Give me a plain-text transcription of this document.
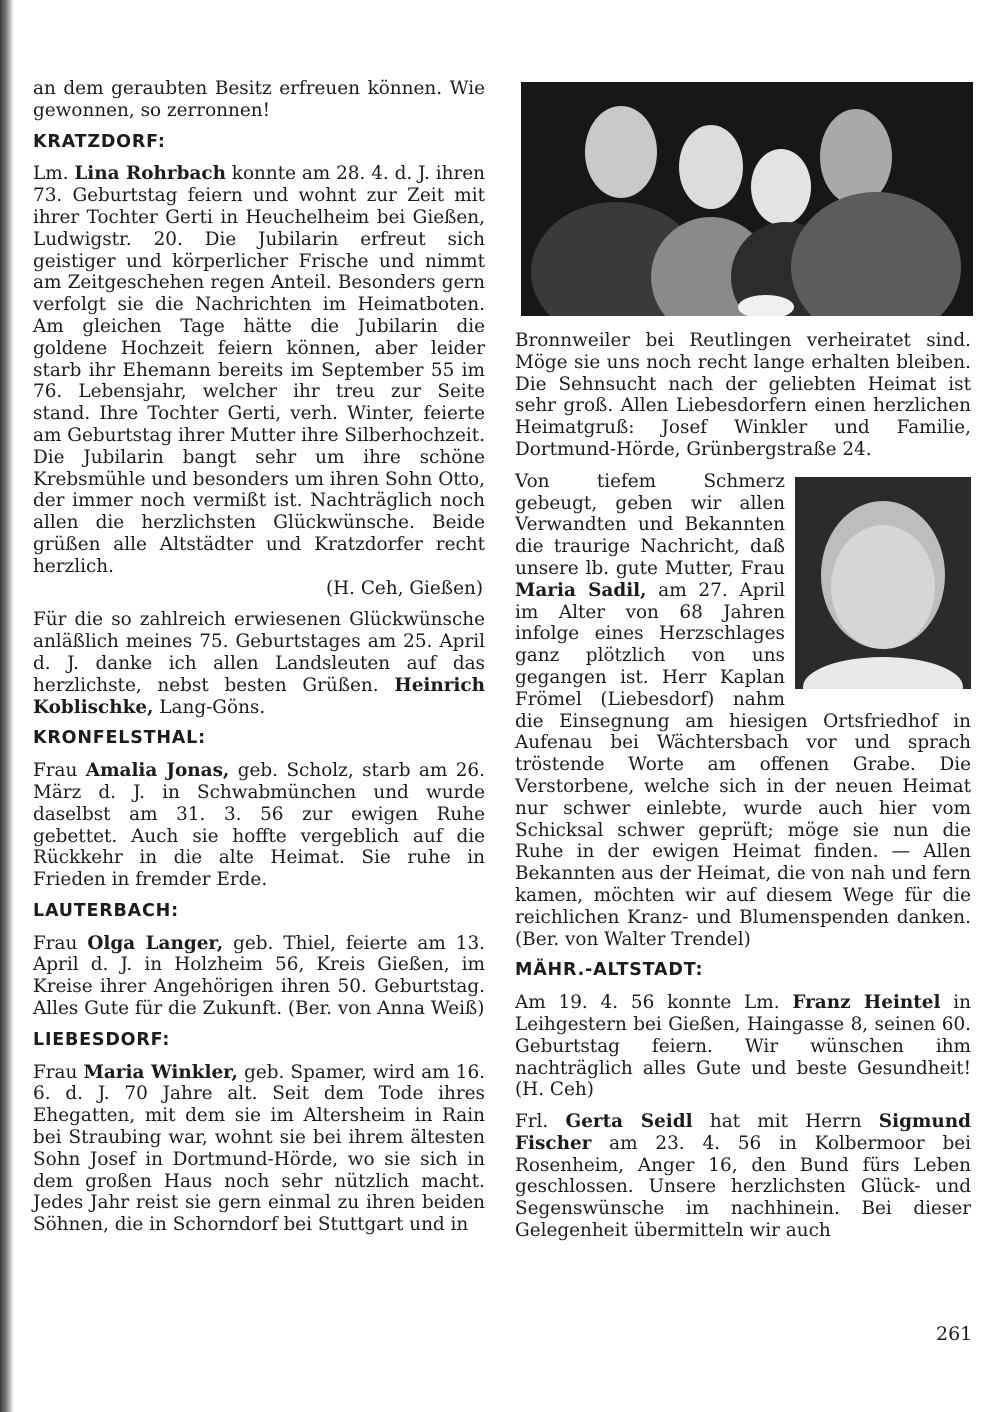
an dem geraubten Besitz erfreuen können. Wie gewonnen, so zerronnen!

KRATZDORF:

Lm. Lina Rohrbach konnte am 28. 4. d. J. ihren 73. Geburtstag feiern und wohnt zur Zeit mit ihrer Tochter Gerti in Heuchelheim bei Gießen, Ludwigstr. 20. Die Jubilarin erfreut sich geistiger und körperlicher Frische und nimmt am Zeitgeschehen regen Anteil. Besonders gern verfolgt sie die Nachrichten im Heimatboten. Am gleichen Tage hätte die Jubilarin die goldene Hochzeit feiern können, aber leider starb ihr Ehemann bereits im September 55 im 76. Lebensjahr, welcher ihr treu zur Seite stand. Ihre Tochter Gerti, verh. Winter, feierte am Geburtstag ihrer Mutter ihre Silberhochzeit. Die Jubilarin bangt sehr um ihre schöne Krebsmühle und besonders um ihren Sohn Otto, der immer noch vermißt ist. Nachträglich noch allen die herzlichsten Glückwünsche. Beide grüßen alle Altstädter und Kratzdorfer recht herzlich.

(H. Ceh, Gießen)

Für die so zahlreich erwiesenen Glückwünsche anläßlich meines 75. Geburtstages am 25. April d. J. danke ich allen Landsleuten auf das herzlichste, nebst besten Grüßen. Heinrich Koblischke, Lang-Göns.

KRONFELSTHAL:

Frau Amalia Jonas, geb. Scholz, starb am 26. März d. J. in Schwabmünchen und wurde daselbst am 31. 3. 56 zur ewigen Ruhe gebettet. Auch sie hoffte vergeblich auf die Rückkehr in die alte Heimat. Sie ruhe in Frieden in fremder Erde.

LAUTERBACH:

Frau Olga Langer, geb. Thiel, feierte am 13. April d. J. in Holzheim 56, Kreis Gießen, im Kreise ihrer Angehörigen ihren 50. Geburtstag. Alles Gute für die Zukunft. (Ber. von Anna Weiß)

LIEBESDORF:

Frau Maria Winkler, geb. Spamer, wird am 16. 6. d. J. 70 Jahre alt. Seit dem Tode ihres Ehegatten, mit dem sie im Altersheim in Rain bei Straubing war, wohnt sie bei ihrem ältesten Sohn Josef in Dortmund-Hörde, wo sie sich in dem großen Haus noch sehr nützlich macht. Jedes Jahr reist sie gern einmal zu ihren beiden Söhnen, die in Schorndorf bei Stuttgart und in

Bronnweiler bei Reutlingen verheiratet sind. Möge sie uns noch recht lange erhalten bleiben. Die Sehnsucht nach der geliebten Heimat ist sehr groß. Allen Liebesdorfern einen herzlichen Heimatgruß: Josef Winkler und Familie, Dortmund-Hörde, Grünbergstraße 24.

Von tiefem Schmerz gebeugt, geben wir allen Verwandten und Bekannten die traurige Nachricht, daß unsere lb. gute Mutter, Frau Maria Sadil, am 27. April im Alter von 68 Jahren infolge eines Herzschlages ganz plötzlich von uns gegangen ist. Herr Kaplan Frömel (Liebesdorf) nahm die Einsegnung am hiesigen Ortsfriedhof in Aufenau bei Wächtersbach vor und sprach tröstende Worte am offenen Grabe. Die Verstorbene, welche sich in der neuen Heimat nur schwer einlebte, wurde auch hier vom Schicksal schwer geprüft; möge sie nun die Ruhe in der ewigen Heimat finden. — Allen Bekannten aus der Heimat, die von nah und fern kamen, möchten wir auf diesem Wege für die reichlichen Kranz- und Blumenspenden danken. (Ber. von Walter Trendel)

MÄHR.-ALTSTADT:

Am 19. 4. 56 konnte Lm. Franz Heintel in Leihgestern bei Gießen, Haingasse 8, seinen 60. Geburtstag feiern. Wir wünschen ihm nachträglich alles Gute und beste Gesundheit! (H. Ceh)

Frl. Gerta Seidl hat mit Herrn Sigmund Fischer am 23. 4. 56 in Kolbermoor bei Rosenheim, Anger 16, den Bund fürs Leben geschlossen. Unsere herzlichsten Glück- und Segenswünsche im nachhinein. Bei dieser Gelegenheit übermitteln wir auch

261
